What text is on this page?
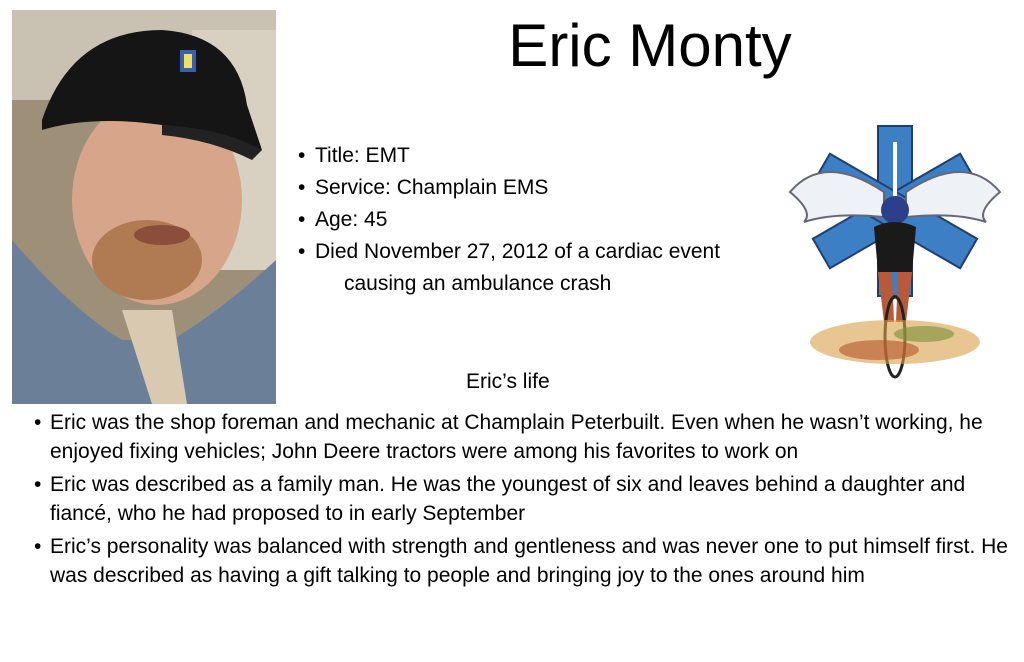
Eric Monty
• Title: EMT
• Service: Champlain EMS
• Age: 45
• Died November 27, 2012 of a cardiac event
causing an ambulance crash
Eric’s life
• Eric was the shop foreman and mechanic at Champlain Peterbuilt. Even when he wasn’t working, he enjoyed fixing vehicles; John Deere tractors were among his favorites to work on
• Eric was described as a family man. He was the youngest of six and leaves behind a daughter and fiancé, who he had proposed to in early September
• Eric’s personality was balanced with strength and gentleness and was never one to put himself first. He was described as having a gift talking to people and bringing joy to the ones around him
